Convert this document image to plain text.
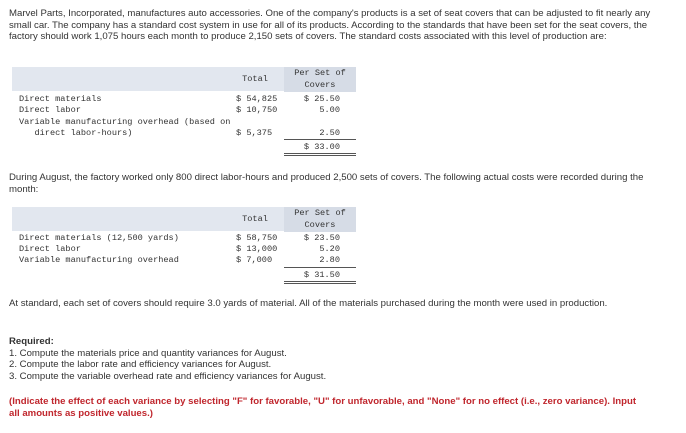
Marvel Parts, Incorporated, manufactures auto accessories. One of the company's products is a set of seat covers that can be adjusted to fit nearly any small car. The company has a standard cost system in use for all of its products. According to the standards that have been set for the seat covers, the factory should work 1,075 hours each month to produce 2,150 sets of covers. The standard costs associated with this level of production are:

Total
Per Set of
Covers
Direct materials	$ 54,825	$ 25.50
Direct labor	$ 10,750	5.00
Variable manufacturing overhead (based on
direct labor-hours)	$ 5,375	2.50
$ 33.00

During August, the factory worked only 800 direct labor-hours and produced 2,500 sets of covers. The following actual costs were recorded during the month:

Total
Per Set of
Covers
Direct materials (12,500 yards)	$ 58,750	$ 23.50
Direct labor	$ 13,000	5.20
Variable manufacturing overhead	$ 7,000	2.80
$ 31.50

At standard, each set of covers should require 3.0 yards of material. All of the materials purchased during the month were used in production.

Required:
1. Compute the materials price and quantity variances for August.
2. Compute the labor rate and efficiency variances for August.
3. Compute the variable overhead rate and efficiency variances for August.

(Indicate the effect of each variance by selecting "F" for favorable, "U" for unfavorable, and "None" for no effect (i.e., zero variance). Input all amounts as positive values.)
